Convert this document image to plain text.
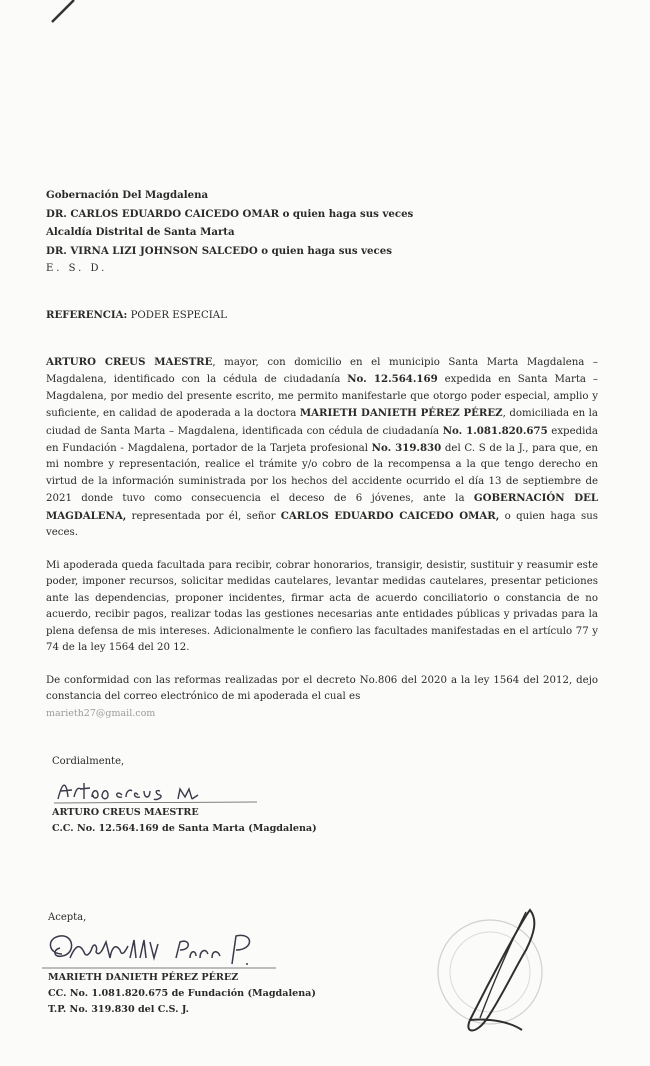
Gobernación Del Magdalena
DR. CARLOS EDUARDO CAICEDO OMAR o quien haga sus veces
Alcaldía Distrital de Santa Marta
DR. VIRNA LIZI JOHNSON SALCEDO o quien haga sus veces
E. S. D.
REFERENCIA: PODER ESPECIAL
ARTURO CREUS MAESTRE, mayor, con domicilio en el municipio Santa Marta Magdalena – Magdalena, identificado con la cédula de ciudadanía No. 12.564.169 expedida en Santa Marta – Magdalena, por medio del presente escrito, me permito manifestarle que otorgo poder especial, amplio y suficiente, en calidad de apoderada a la doctora MARIETH DANIETH PÉREZ PÉREZ, domiciliada en la ciudad de Santa Marta – Magdalena, identificada con cédula de ciudadanía No. 1.081.820.675 expedida en Fundación - Magdalena, portador de la Tarjeta profesional No. 319.830 del C. S de la J., para que, en mi nombre y representación, realice el trámite y/o cobro de la recompensa a la que tengo derecho en virtud de la información suministrada por los hechos del accidente ocurrido el día 13 de septiembre de 2021 donde tuvo como consecuencia el deceso de 6 jóvenes, ante la GOBERNACIÓN DEL MAGDALENA, representada por él, señor CARLOS EDUARDO CAICEDO OMAR, o quien haga sus veces.
Mi apoderada queda facultada para recibir, cobrar honorarios, transigir, desistir, sustituir y reasumir este poder, imponer recursos, solicitar medidas cautelares, levantar medidas cautelares, presentar peticiones ante las dependencias, proponer incidentes, firmar acta de acuerdo conciliatorio o constancia de no acuerdo, recibir pagos, realizar todas las gestiones necesarias ante entidades públicas y privadas para la plena defensa de mis intereses. Adicionalmente le confiero las facultades manifestadas en el artículo 77 y 74 de la ley 1564 del 20 12.
De conformidad con las reformas realizadas por el decreto No.806 del 2020 a la ley 1564 del 2012, dejo constancia del correo electrónico de mi apoderada el cual es
marieth27@gmail.com
Cordialmente,
ARTURO CREUS MAESTRE
C.C. No. 12.564.169 de Santa Marta (Magdalena)
Acepta,
MARIETH DANIETH PÉREZ PÉREZ
CC. No. 1.081.820.675 de Fundación (Magdalena)
T.P. No. 319.830 del C.S. J.
